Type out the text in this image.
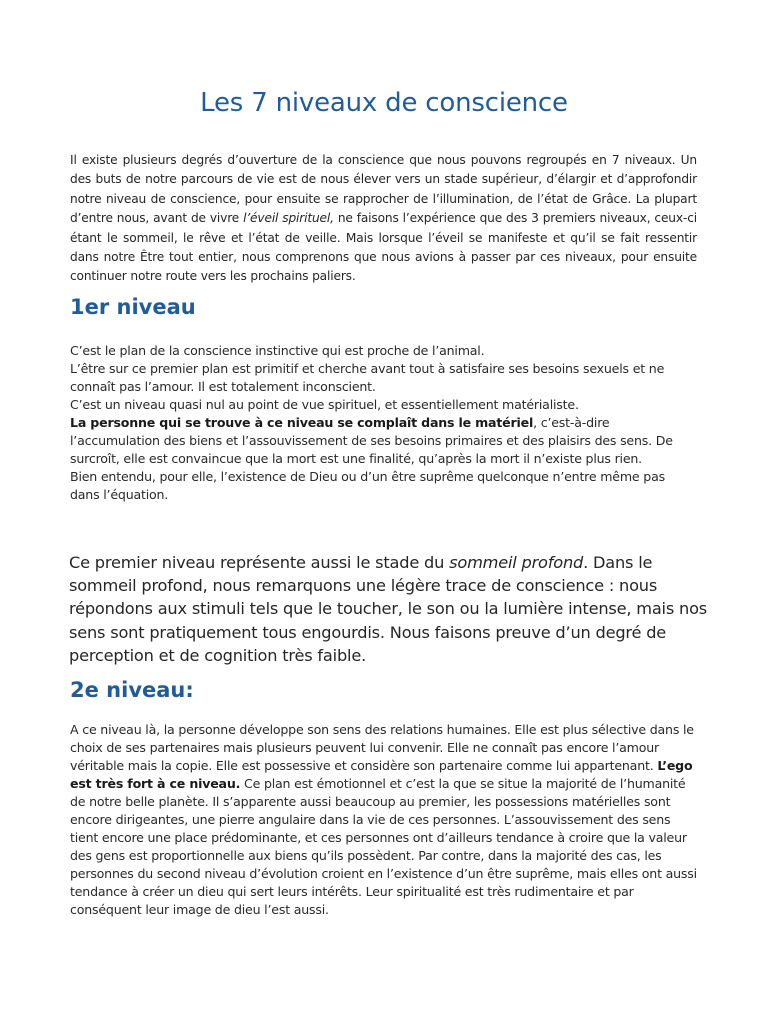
Les 7 niveaux de conscience

Il existe plusieurs degrés d’ouverture de la conscience que nous pouvons regroupés en 7 niveaux. Un des buts de notre parcours de vie est de nous élever vers un stade supérieur, d’élargir et d’approfondir notre niveau de conscience, pour ensuite se rapprocher de l’illumination, de l’état de Grâce. La plupart d’entre nous, avant de vivre l’éveil spirituel, ne faisons l’expérience que des 3 premiers niveaux, ceux-ci étant le sommeil, le rêve et l’état de veille. Mais lorsque l’éveil se manifeste et qu’il se fait ressentir dans notre Être tout entier, nous comprenons que nous avions à passer par ces niveaux, pour ensuite continuer notre route vers les prochains paliers.

1er niveau
C’est le plan de la conscience instinctive qui est proche de l’animal.
L’être sur ce premier plan est primitif et cherche avant tout à satisfaire ses besoins sexuels et ne connaît pas l’amour. Il est totalement inconscient.
C’est un niveau quasi nul au point de vue spirituel, et essentiellement matérialiste.
La personne qui se trouve à ce niveau se complaît dans le matériel, c’est-à-dire l’accumulation des biens et l’assouvissement de ses besoins primaires et des plaisirs des sens. De surcroît, elle est convaincue que la mort est une finalité, qu’après la mort il n’existe plus rien.
Bien entendu, pour elle, l’existence de Dieu ou d’un être suprême quelconque n’entre même pas dans l’équation.

Ce premier niveau représente aussi le stade du sommeil profond. Dans le sommeil profond, nous remarquons une légère trace de conscience : nous répondons aux stimuli tels que le toucher, le son ou la lumière intense, mais nos sens sont pratiquement tous engourdis. Nous faisons preuve d’un degré de perception et de cognition très faible.

2e niveau:
A ce niveau là, la personne développe son sens des relations humaines. Elle est plus sélective dans le choix de ses partenaires mais plusieurs peuvent lui convenir. Elle ne connaît pas encore l’amour véritable mais la copie. Elle est possessive et considère son partenaire comme lui appartenant. L’ego est très fort à ce niveau. Ce plan est émotionnel et c’est la que se situe la majorité de l’humanité de notre belle planète. Il s’apparente aussi beaucoup au premier, les possessions matérielles sont encore dirigeantes, une pierre angulaire dans la vie de ces personnes. L’assouvissement des sens tient encore une place prédominante, et ces personnes ont d’ailleurs tendance à croire que la valeur des gens est proportionnelle aux biens qu’ils possèdent. Par contre, dans la majorité des cas, les personnes du second niveau d’évolution croient en l’existence d’un être suprême, mais elles ont aussi tendance à créer un dieu qui sert leurs intérêts. Leur spiritualité est très rudimentaire et par conséquent leur image de dieu l’est aussi.
